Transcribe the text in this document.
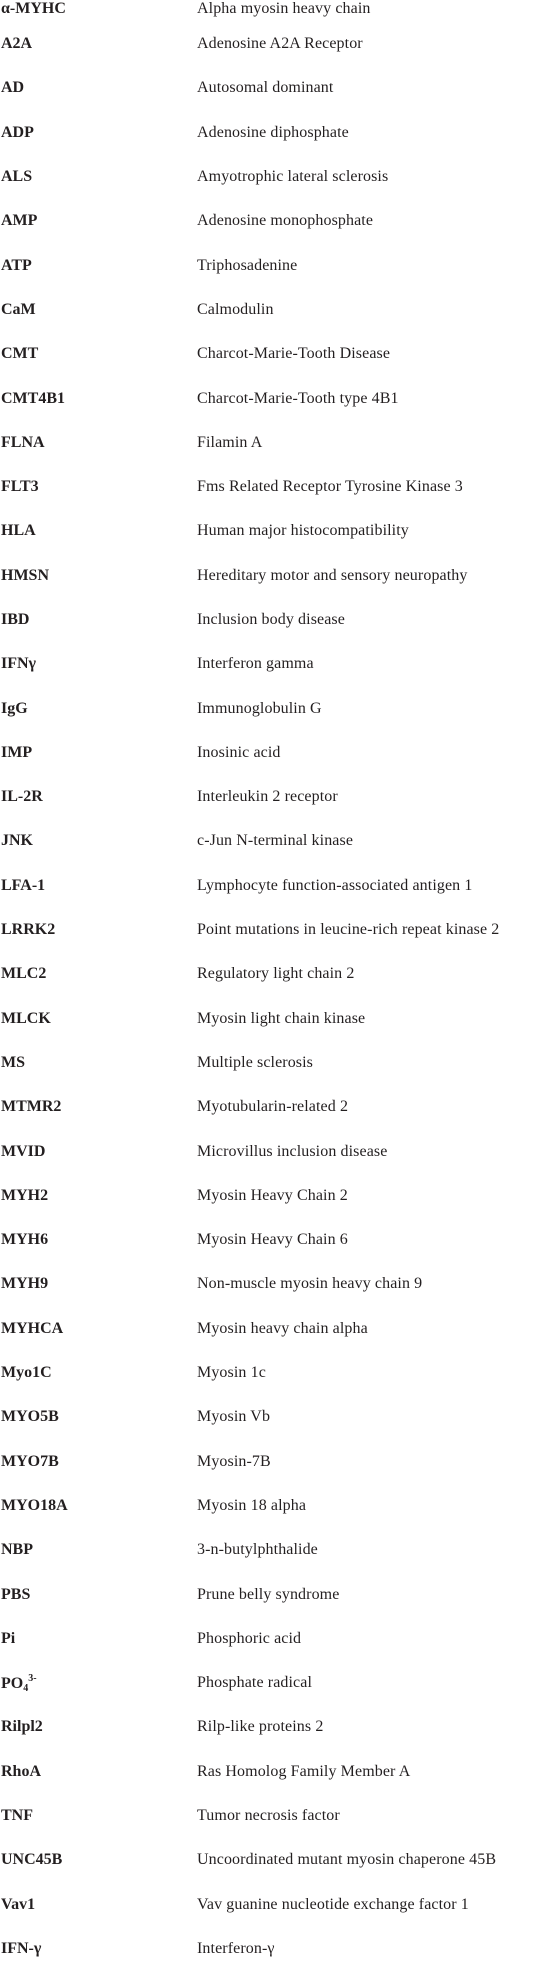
α-MYHC	Alpha myosin heavy chain
A2A	Adenosine A2A Receptor
AD	Autosomal dominant
ADP	Adenosine diphosphate
ALS	Amyotrophic lateral sclerosis
AMP	Adenosine monophosphate
ATP	Triphosadenine
CaM	Calmodulin
CMT	Charcot-Marie-Tooth Disease
CMT4B1	Charcot-Marie-Tooth type 4B1
FLNA	Filamin A
FLT3	Fms Related Receptor Tyrosine Kinase 3
HLA	Human major histocompatibility
HMSN	Hereditary motor and sensory neuropathy
IBD	Inclusion body disease
IFNγ	Interferon gamma
IgG	Immunoglobulin G
IMP	Inosinic acid
IL-2R	Interleukin 2 receptor
JNK	c-Jun N-terminal kinase
LFA-1	Lymphocyte function-associated antigen 1
LRRK2	Point mutations in leucine-rich repeat kinase 2
MLC2	Regulatory light chain 2
MLCK	Myosin light chain kinase
MS	Multiple sclerosis
MTMR2	Myotubularin-related 2
MVID	Microvillus inclusion disease
MYH2	Myosin Heavy Chain 2
MYH6	Myosin Heavy Chain 6
MYH9	Non-muscle myosin heavy chain 9
MYHCA	Myosin heavy chain alpha
Myo1C	Myosin 1c
MYO5B	Myosin Vb
MYO7B	Myosin-7B
MYO18A	Myosin 18 alpha
NBP	3-n-butylphthalide
PBS	Prune belly syndrome
Pi	Phosphoric acid
$PO_4^{3-}$	Phosphate radical
Rilpl2	Rilp-like proteins 2
RhoA	Ras Homolog Family Member A
TNF	Tumor necrosis factor
UNC45B	Uncoordinated mutant myosin chaperone 45B
Vav1	Vav guanine nucleotide exchange factor 1
IFN-γ	Interferon-γ
